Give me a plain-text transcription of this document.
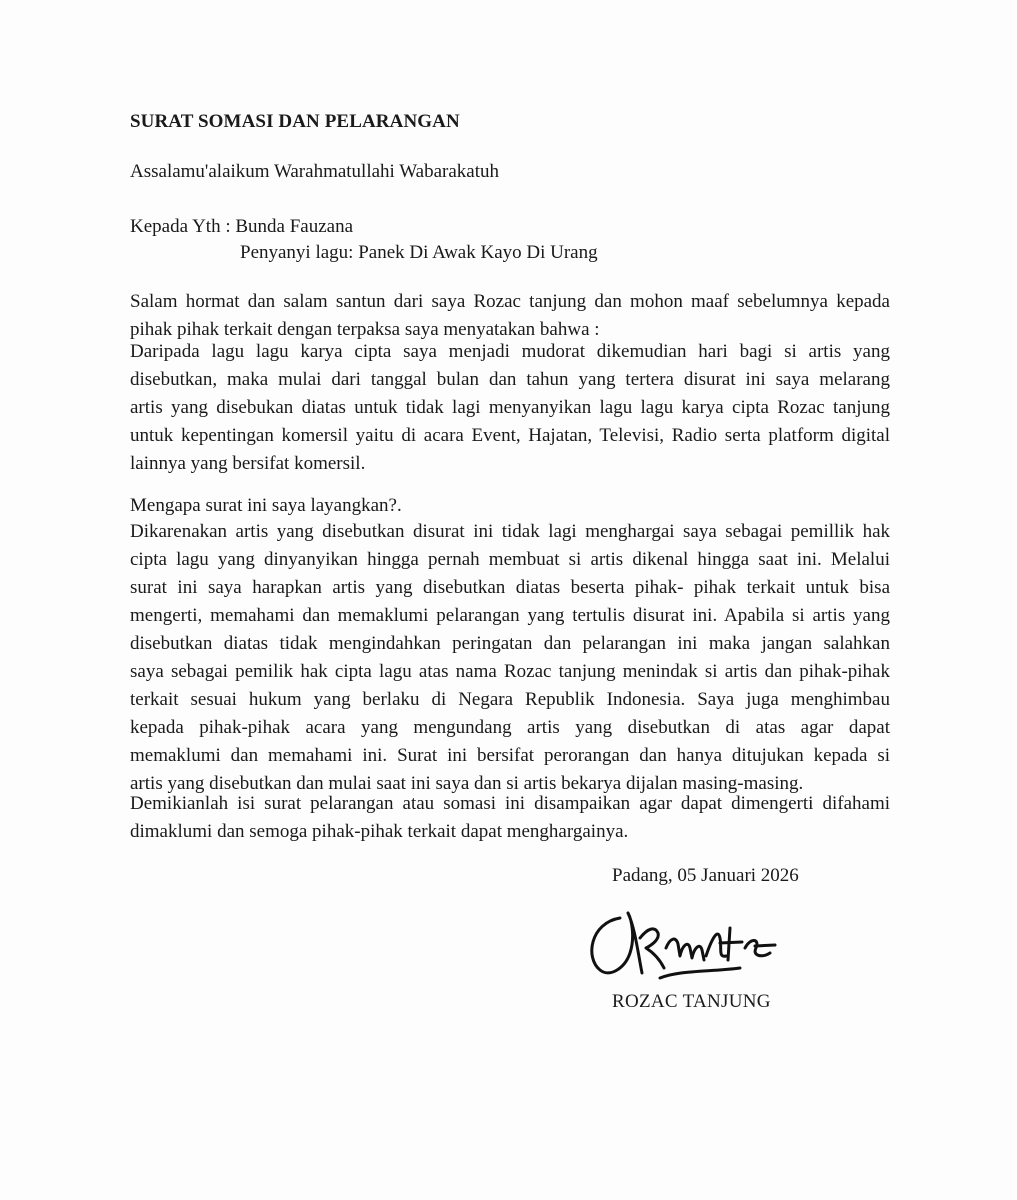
SURAT SOMASI DAN PELARANGAN
Assalamu'alaikum Warahmatullahi Wabarakatuh
Kepada Yth : Bunda Fauzana
Penyanyi lagu: Panek Di Awak Kayo Di Urang
Salam hormat dan salam santun dari saya Rozac tanjung dan mohon maaf sebelumnya kepada
pihak pihak terkait dengan terpaksa saya menyatakan bahwa :
Daripada lagu lagu karya cipta saya menjadi mudorat dikemudian hari bagi si artis yang
disebutkan, maka mulai dari tanggal bulan dan tahun yang tertera disurat ini saya melarang
artis yang disebukan diatas untuk tidak lagi menyanyikan lagu lagu karya cipta Rozac tanjung
untuk kepentingan komersil yaitu di acara Event, Hajatan, Televisi, Radio serta platform digital
lainnya yang bersifat komersil.
Mengapa surat ini saya layangkan?.
Dikarenakan artis yang disebutkan disurat ini tidak lagi menghargai saya sebagai pemillik hak
cipta lagu yang dinyanyikan hingga pernah membuat si artis dikenal hingga saat ini. Melalui
surat ini saya harapkan artis yang disebutkan diatas beserta pihak- pihak terkait untuk bisa
mengerti, memahami dan memaklumi pelarangan yang tertulis disurat ini. Apabila si artis yang
disebutkan diatas tidak mengindahkan peringatan dan pelarangan ini maka jangan salahkan
saya sebagai pemilik hak cipta lagu atas nama Rozac tanjung menindak si artis dan pihak-pihak
terkait sesuai hukum yang berlaku di Negara Republik Indonesia. Saya juga menghimbau
kepada pihak-pihak acara yang mengundang artis yang disebutkan di atas agar dapat
memaklumi dan memahami ini. Surat ini bersifat perorangan dan hanya ditujukan kepada si
artis yang disebutkan dan mulai saat ini saya dan si artis bekarya dijalan masing-masing.
Demikianlah isi surat pelarangan atau somasi ini disampaikan agar dapat dimengerti difahami
dimaklumi dan semoga pihak-pihak terkait dapat menghargainya.
Padang, 05 Januari 2026
ROZAC TANJUNG
